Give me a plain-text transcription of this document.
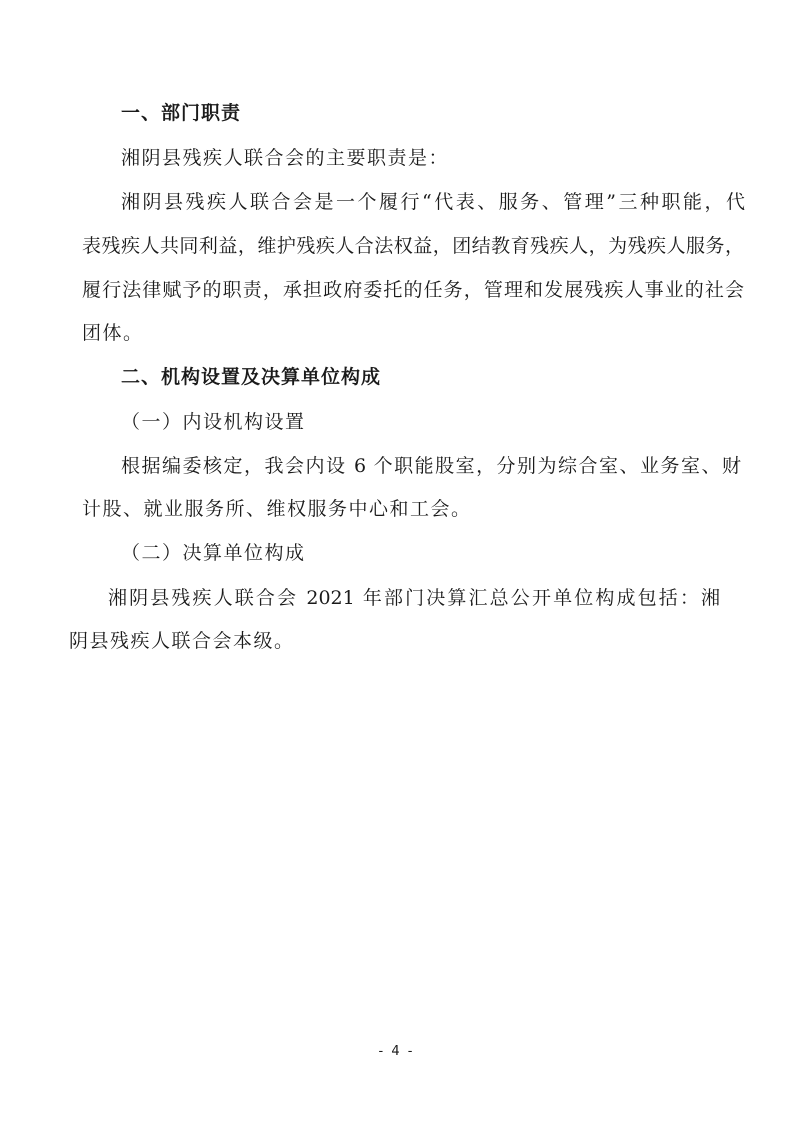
一、部门职责
湘阴县残疾人联合会的主要职责是：
湘阴县残疾人联合会是一个履行“代表、服务、管理”三种职能，代
表残疾人共同利益，维护残疾人合法权益，团结教育残疾人，为残疾人服务，
履行法律赋予的职责，承担政府委托的任务，管理和发展残疾人事业的社会
团体。
二、机构设置及决算单位构成
（一）内设机构设置
根据编委核定，我会内设 6 个职能股室，分别为综合室、业务室、财
计股、就业服务所、维权服务中心和工会。
（二）决算单位构成
湘阴县残疾人联合会 2021 年部门决算汇总公开单位构成包括：湘
阴县残疾人联合会本级。
- 4 -
